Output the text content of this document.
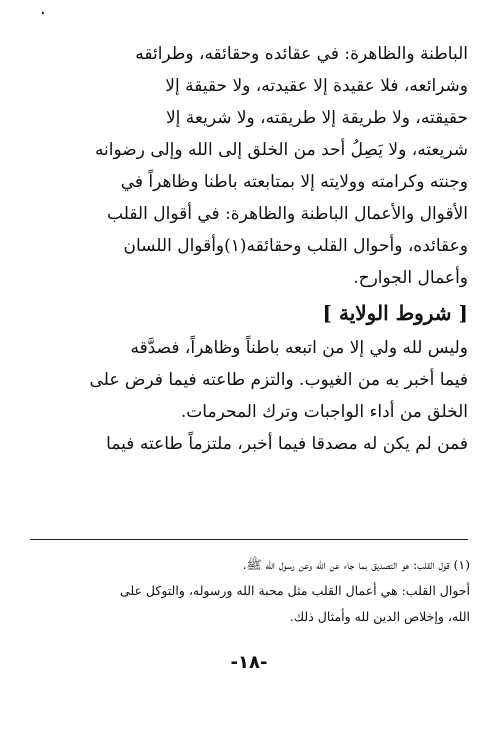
٠
الباطنة والظاهرة: في عقائده وحقائقه، وطرائقه
وشرائعه، فلا عقيدة إلا عقيدته، ولا حقيقة إلا
حقيقته، ولا طريقة إلا طريقته، ولا شريعة إلا
شريعته، ولا يَصِلُ أحد من الخلق إلى الله وإلى رضوانه
وجنته وكرامته وولايته إلا بمتابعته باطنا وظاهراً في
الأقوال والأعمال الباطنة والظاهرة: في أقوال القلب
وعقائده، وأحوال القلب وحقائقه(١)وأقوال اللسان
وأعمال الجوارح.
[ شروط الولاية ]
وليس لله ولي إلا من اتبعه باطناً وظاهراً، فصدَّقه
فيما أخبر به من الغيوب. والتزم طاعته فيما فرض على
الخلق من أداء الواجبات وترك المحرمات.
فمن لم يكن له مصدقا فيما أخبر، ملتزماً طاعته فيما
(١) قول القلب: هو التصديق بما جاء عن الله وعن رسول الله ﷺ.
أحوال القلب: هي أعمال القلب مثل محبة الله ورسوله، والتوكل على
الله، وإخلاص الدين لله وأمثال ذلك.
-١٨-
